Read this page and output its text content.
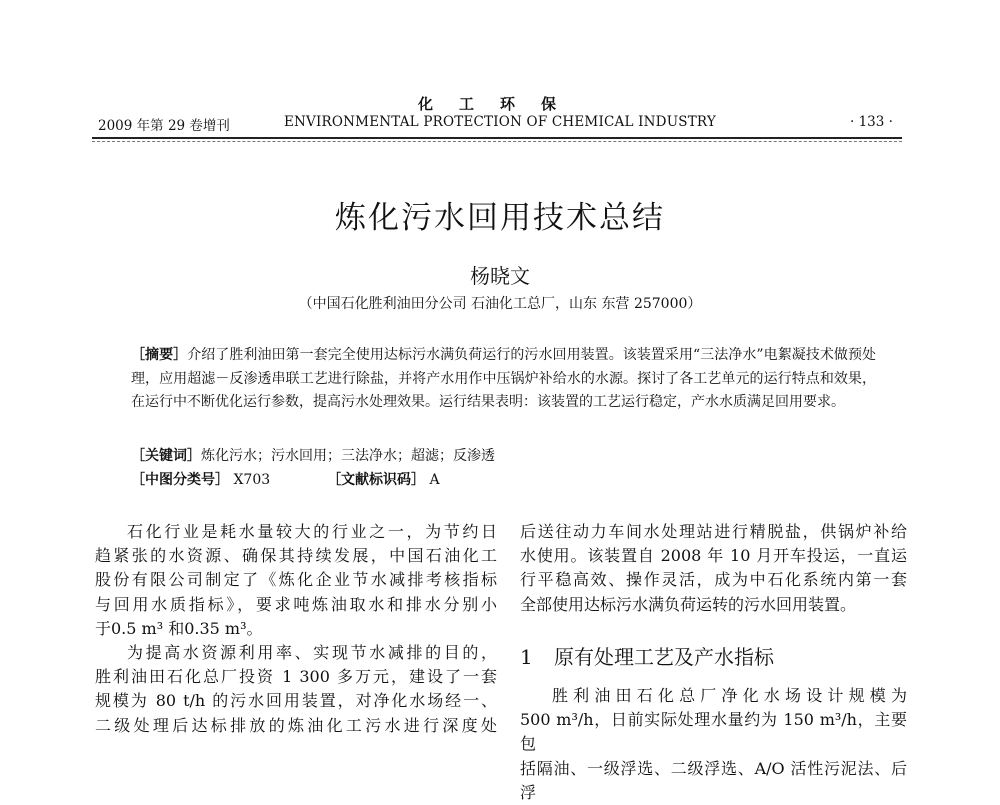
化工环保
ENVIRONMENTAL PROTECTION OF CHEMICAL INDUSTRY
2009 年第 29 卷增刊	· 133 ·
炼化污水回用技术总结
杨晓文
（中国石化胜利油田分公司 石油化工总厂，山东 东营 257000）
［摘要］介绍了胜利油田第一套完全使用达标污水满负荷运行的污水回用装置。该装置采用“三法净水”电絮凝技术做预处理，应用超滤－反渗透串联工艺进行除盐，并将产水用作中压锅炉补给水的水源。探讨了各工艺单元的运行特点和效果，在运行中不断优化运行参数，提高污水处理效果。运行结果表明：该装置的工艺运行稳定，产水水质满足回用要求。
［关键词］炼化污水；污水回用；三法净水；超滤；反渗透
［中图分类号］ X703	［文献标识码］ A

石化行业是耗水量较大的行业之一，为节约日

趋紧张的水资源、确保其持续发展，中国石油化工

股份有限公司制定了《炼化企业节水减排考核指标

与回用水质指标》，要求吨炼油取水和排水分别小

于0.5 m³ 和0.35 m³。

为提高水资源利用率、实现节水减排的目的，

胜利油田石化总厂投资 1 300 多万元，建设了一套

规模为 80 t/h 的污水回用装置，对净化水场经一、

二级处理后达标排放的炼油化工污水进行深度处

后送往动力车间水处理站进行精脱盐，供锅炉补给

水使用。该装置自 2008 年 10 月开车投运，一直运

行平稳高效、操作灵活，成为中石化系统内第一套

全部使用达标污水满负荷运转的污水回用装置。

1 原有处理工艺及产水指标

胜利油田石化总厂净化水场设计规模为

500 m³/h，日前实际处理水量约为 150 m³/h，主要包

括隔油、一级浮选、二级浮选、A/O 活性污泥法、后浮
